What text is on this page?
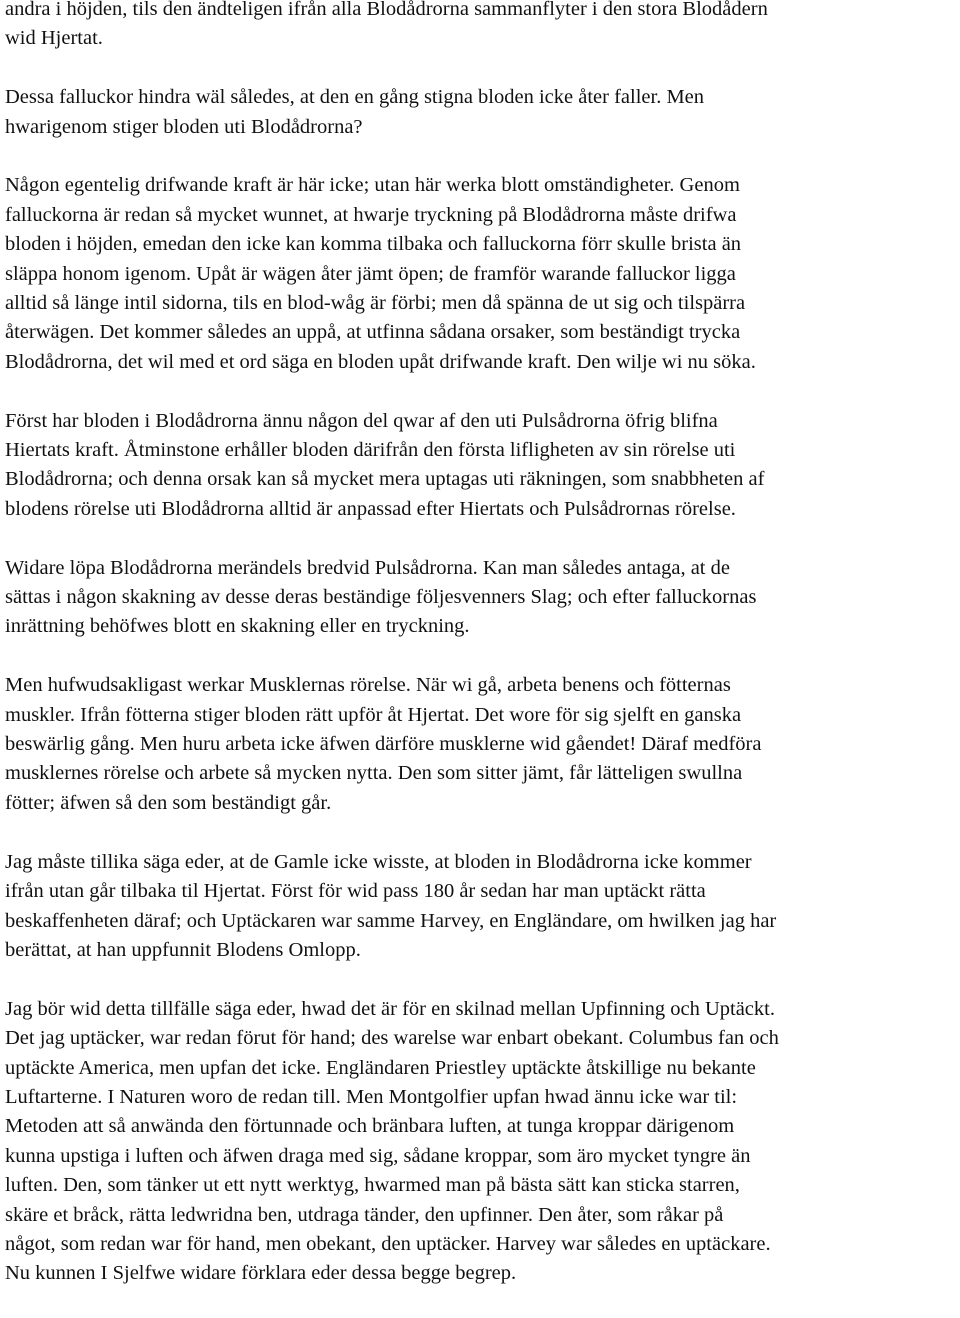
andra i höjden, tils den ändteligen ifrån alla Blodådrorna sammanflyter i den stora Blodådern
wid Hjertat.

Dessa falluckor hindra wäl således, at den en gång stigna bloden icke åter faller. Men
hwarigenom stiger bloden uti Blodådrorna?

Någon egentelig drifwande kraft är här icke; utan här werka blott omständigheter. Genom
falluckorna är redan så mycket wunnet, at hwarje tryckning på Blodådrorna måste drifwa
bloden i höjden, emedan den icke kan komma tilbaka och falluckorna förr skulle brista än
släppa honom igenom. Upåt är wägen åter jämt öpen; de framför warande falluckor ligga
alltid så länge intil sidorna, tils en blod-wåg är förbi; men då spänna de ut sig och tilspärra
återwägen. Det kommer således an uppå, at utfinna sådana orsaker, som beständigt trycka
Blodådrorna, det wil med et ord säga en bloden upåt drifwande kraft. Den wilje wi nu söka.

Först har bloden i Blodådrorna ännu någon del qwar af den uti Pulsådrorna öfrig blifna
Hiertats kraft. Åtminstone erhåller bloden därifrån den första lifligheten av sin rörelse uti
Blodådrorna; och denna orsak kan så mycket mera uptagas uti räkningen, som snabbheten af
blodens rörelse uti Blodådrorna alltid är anpassad efter Hiertats och Pulsådrornas rörelse.

Widare löpa Blodådrorna merändels bredvid Pulsådrorna. Kan man således antaga, at de
sättas i någon skakning av desse deras beständige följesvenners Slag; och efter falluckornas
inrättning behöfwes blott en skakning eller en tryckning.

Men hufwudsakligast werkar Musklernas rörelse. När wi gå, arbeta benens och fötternas
muskler. Ifrån fötterna stiger bloden rätt upför åt Hjertat. Det wore för sig sjelft en ganska
beswärlig gång. Men huru arbeta icke äfwen därföre musklerne wid gåendet! Däraf medföra
musklernes rörelse och arbete så mycken nytta. Den som sitter jämt, får lätteligen swullna
fötter; äfwen så den som beständigt går.

Jag måste tillika säga eder, at de Gamle icke wisste, at bloden in Blodådrorna icke kommer
ifrån utan går tilbaka til Hjertat. Först för wid pass 180 år sedan har man uptäckt rätta
beskaffenheten däraf; och Uptäckaren war samme Harvey, en Engländare, om hwilken jag har
berättat, at han uppfunnit Blodens Omlopp.

Jag bör wid detta tillfälle säga eder, hwad det är för en skilnad mellan Upfinning och Uptäckt.
Det jag uptäcker, war redan förut för hand; des warelse war enbart obekant. Columbus fan och
uptäckte America, men upfan det icke. Engländaren Priestley uptäckte åtskillige nu bekante
Luftarterne. I Naturen woro de redan till. Men Montgolfier upfan hwad ännu icke war til:
Metoden att så anwända den förtunnade och bränbara luften, at tunga kroppar därigenom
kunna upstiga i luften och äfwen draga med sig, sådane kroppar, som äro mycket tyngre än
luften. Den, som tänker ut ett nytt werktyg, hwarmed man på bästa sätt kan sticka starren,
skäre et bråck, rätta ledwridna ben, utdraga tänder, den upfinner. Den åter, som råkar på
något, som redan war för hand, men obekant, den uptäcker. Harvey war således en uptäckare.
Nu kunnen I Sjelfwe widare förklara eder dessa begge begrep.
